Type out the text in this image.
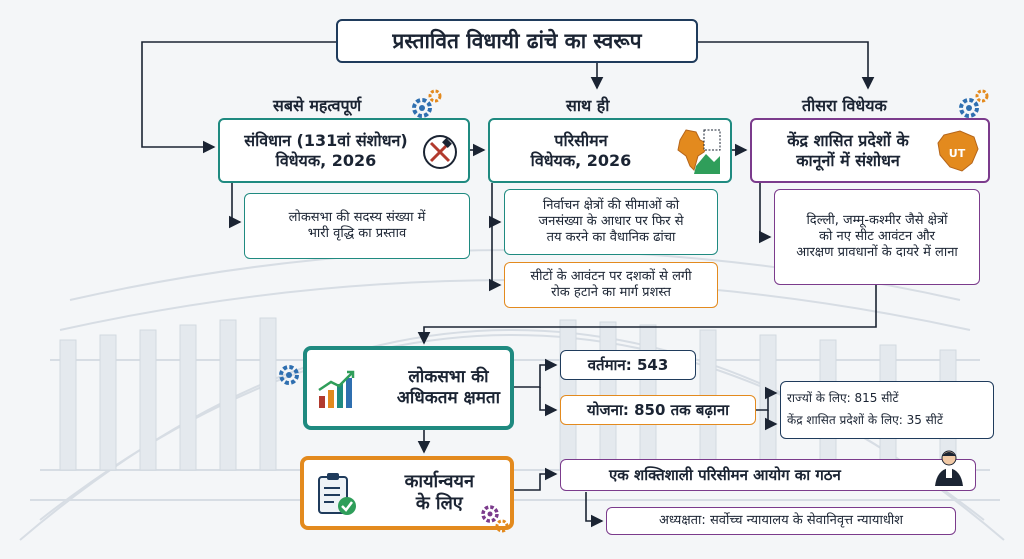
प्रस्तावित विधायी ढांचे का स्वरूप
सबसे महत्वपूर्ण	साथ ही	तीसरा विधेयक
संविधान (131वां संशोधन)
विधेयक, 2026
परिसीमन
विधेयक, 2026
केंद्र शासित प्रदेशों के
कानूनों में संशोधन	UT
लोकसभा की सदस्य संख्या में
भारी वृद्धि का प्रस्ताव
निर्वाचन क्षेत्रों की सीमाओं को
जनसंख्या के आधार पर फिर से
तय करने का वैधानिक ढांचा
सीटों के आवंटन पर दशकों से लगी
रोक हटाने का मार्ग प्रशस्त
दिल्ली, जम्मू-कश्मीर जैसे क्षेत्रों
को नए सीट आवंटन और
आरक्षण प्रावधानों के दायरे में लाना
लोकसभा की
अधिकतम क्षमता
वर्तमान: 543
योजना: 850 तक बढ़ाना
राज्यों के लिए: 815 सीटें
केंद्र शासित प्रदेशों के लिए: 35 सीटें
कार्यान्वयन
के लिए
एक शक्तिशाली परिसीमन आयोग का गठन
अध्यक्षता: सर्वोच्च न्यायालय के सेवानिवृत्त न्यायाधीश
